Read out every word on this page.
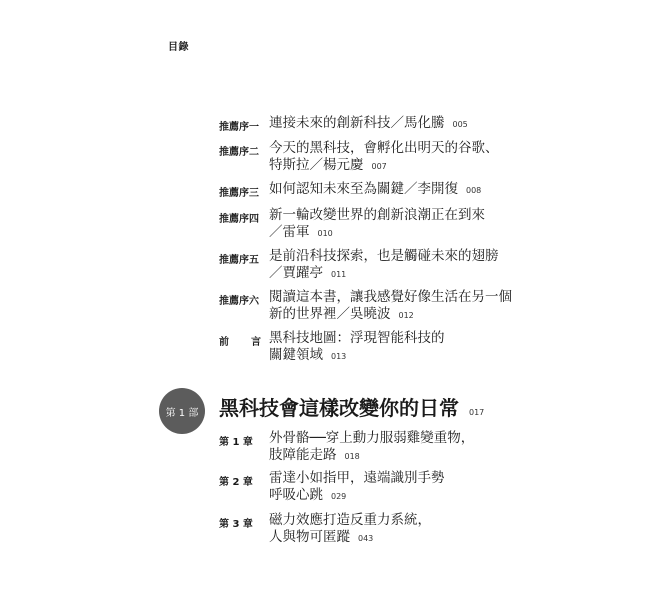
目錄
推薦序一 連接未來的創新科技／馬化騰 005
推薦序二 今天的黑科技，會孵化出明天的谷歌、
特斯拉／楊元慶 007
推薦序三 如何認知未來至為關鍵／李開復 008
推薦序四 新一輪改變世界的創新浪潮正在到來
／雷軍 010
推薦序五 是前沿科技探索，也是觸碰未來的翅膀
／賈躍亭 011
推薦序六 閱讀這本書，讓我感覺好像生活在另一個
新的世界裡／吳曉波 012
前 言 黑科技地圖：浮現智能科技的
關鍵領域 013
第 1 部	黑科技會這樣改變你的日常 017
第 1 章 外骨骼──穿上動力服弱雞變重物，
肢障能走路 018
第 2 章 雷達小如指甲，遠端識別手勢
呼吸心跳 029
第 3 章 磁力效應打造反重力系統，
人與物可匿蹤 043
